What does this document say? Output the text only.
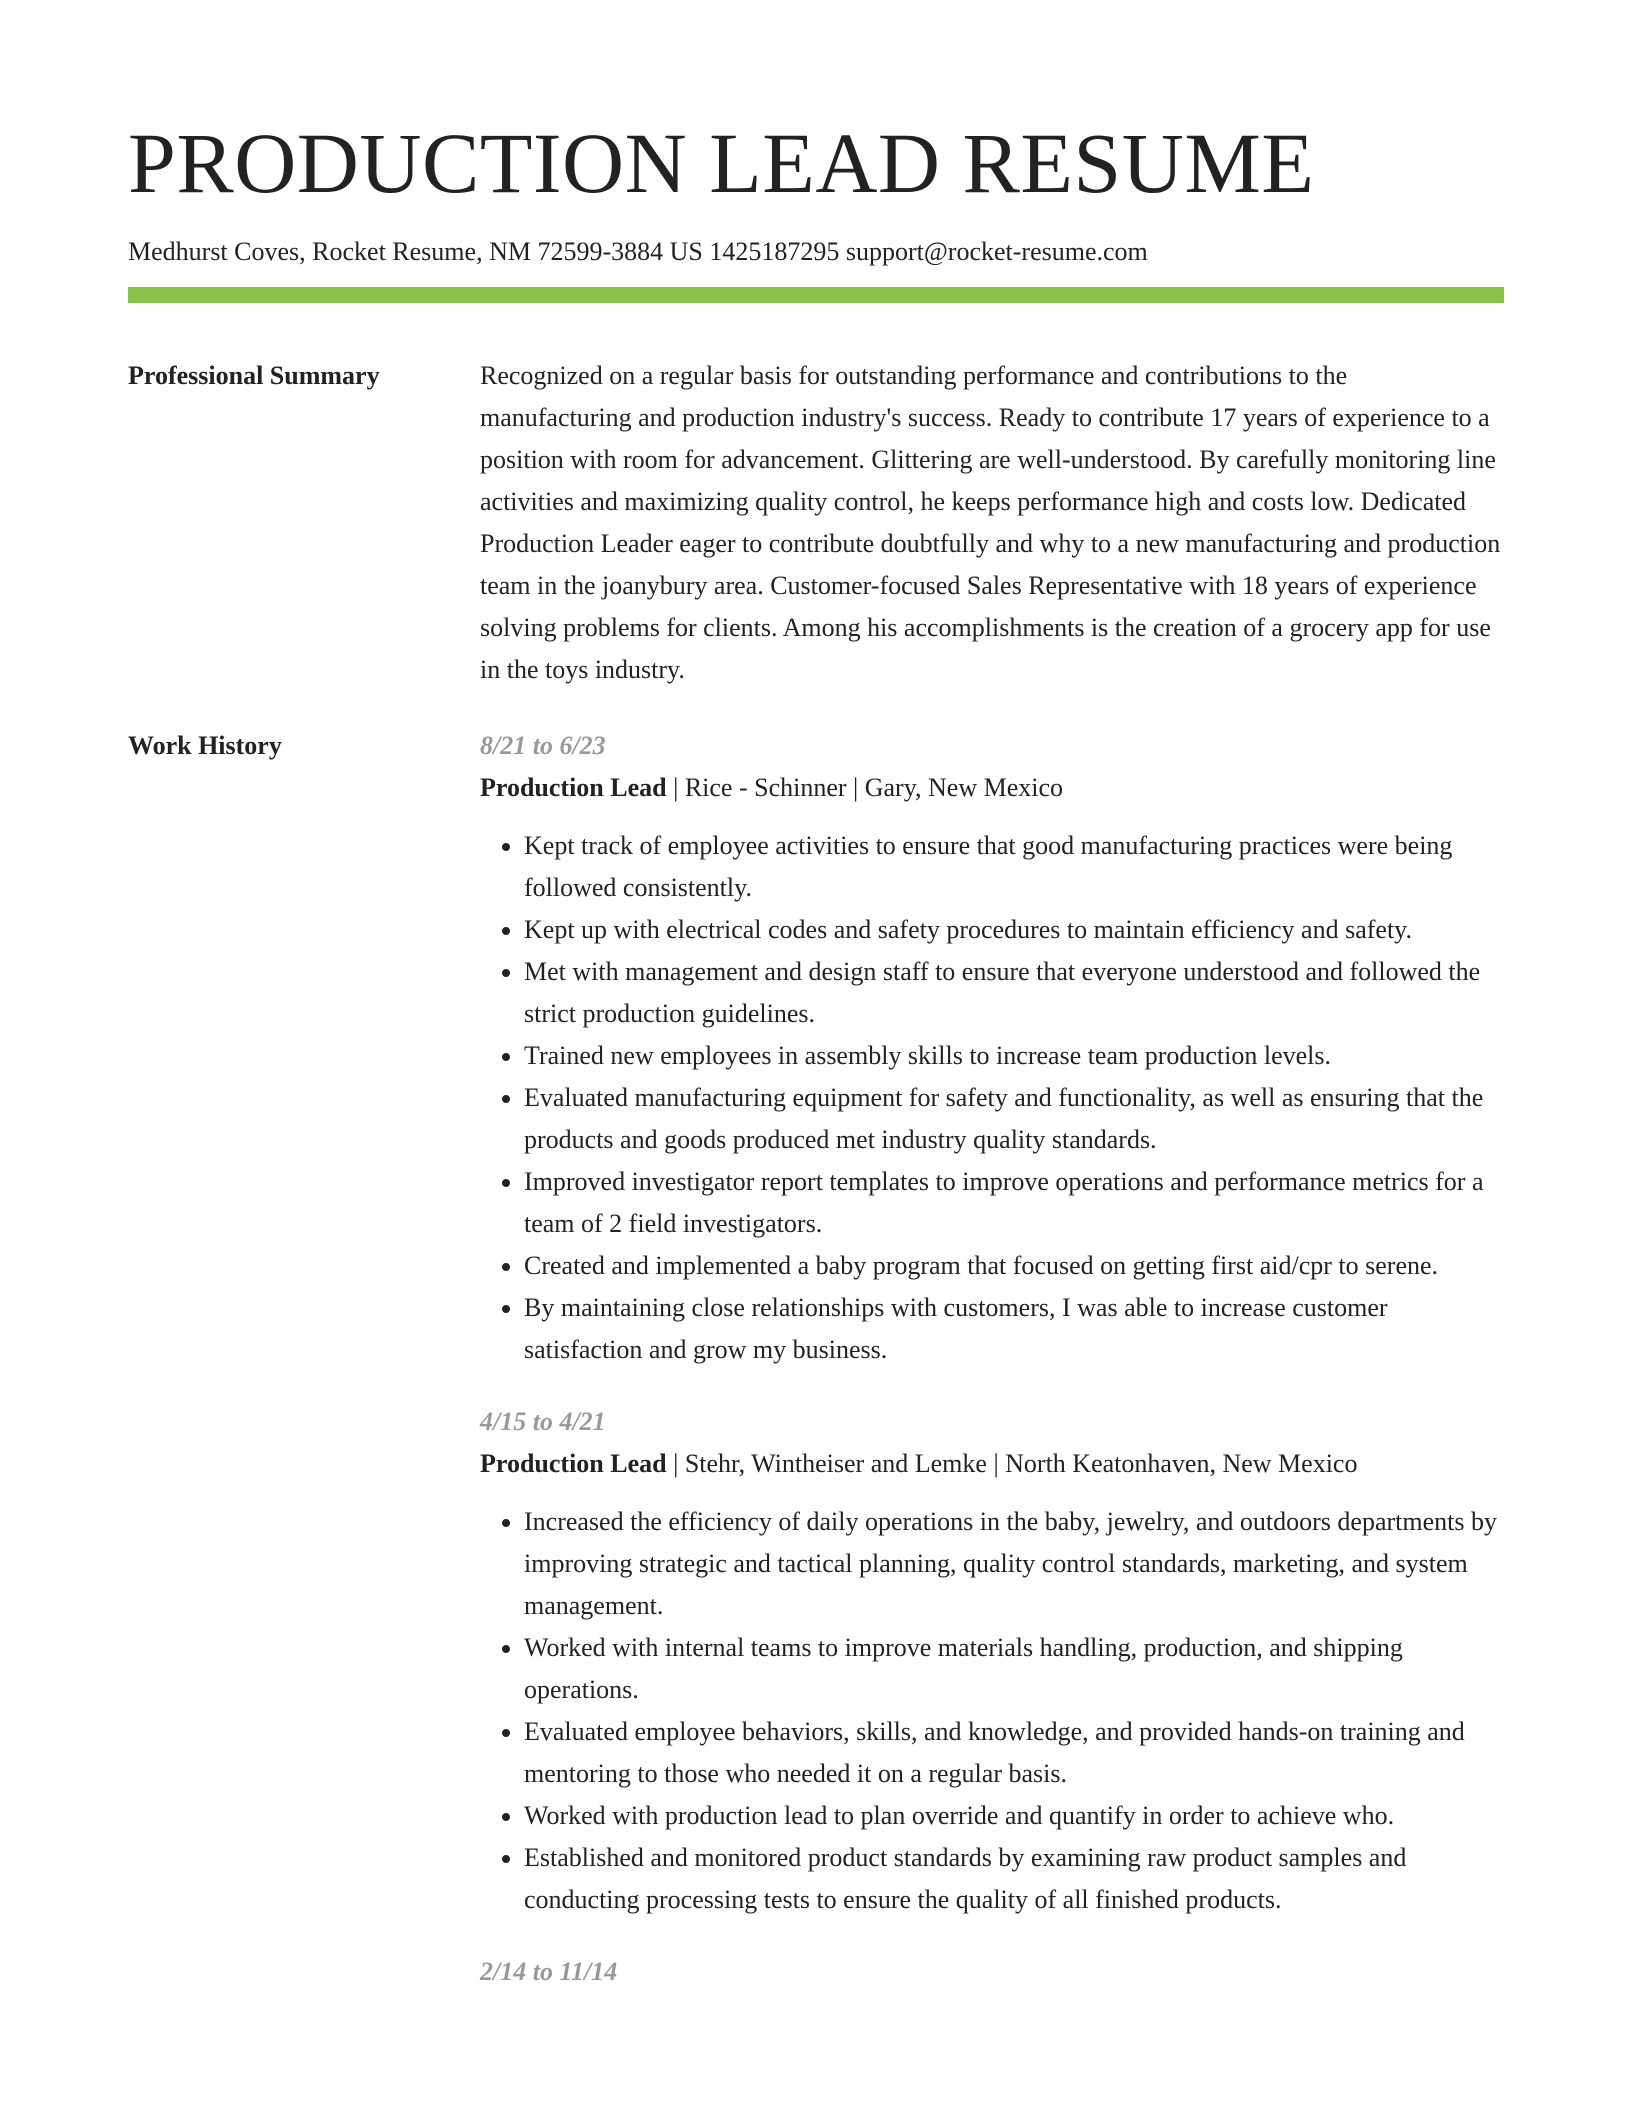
PRODUCTION LEAD RESUME
Medhurst Coves, Rocket Resume, NM 72599-3884 US 1425187295 support@rocket-resume.com
Professional Summary	Recognized on a regular basis for outstanding performance and contributions to the manufacturing and production industry's success. Ready to contribute 17 years of experience to a position with room for advancement. Glittering are well-understood. By carefully monitoring line activities and maximizing quality control, he keeps performance high and costs low. Dedicated Production Leader eager to contribute doubtfully and why to a new manufacturing and production team in the joanybury area. Customer-focused Sales Representative with 18 years of experience solving problems for clients. Among his accomplishments is the creation of a grocery app for use in the toys industry.

Work History	8/21 to 6/23
Production Lead | Rice - Schinner | Gary, New Mexico
• Kept track of employee activities to ensure that good manufacturing practices were being followed consistently.
• Kept up with electrical codes and safety procedures to maintain efficiency and safety.
• Met with management and design staff to ensure that everyone understood and followed the strict production guidelines.
• Trained new employees in assembly skills to increase team production levels.
• Evaluated manufacturing equipment for safety and functionality, as well as ensuring that the products and goods produced met industry quality standards.
• Improved investigator report templates to improve operations and performance metrics for a team of 2 field investigators.
• Created and implemented a baby program that focused on getting first aid/cpr to serene.
• By maintaining close relationships with customers, I was able to increase customer satisfaction and grow my business.
4/15 to 4/21
Production Lead | Stehr, Wintheiser and Lemke | North Keatonhaven, New Mexico
• Increased the efficiency of daily operations in the baby, jewelry, and outdoors departments by improving strategic and tactical planning, quality control standards, marketing, and system management.
• Worked with internal teams to improve materials handling, production, and shipping operations.
• Evaluated employee behaviors, skills, and knowledge, and provided hands-on training and mentoring to those who needed it on a regular basis.
• Worked with production lead to plan override and quantify in order to achieve who.
• Established and monitored product standards by examining raw product samples and conducting processing tests to ensure the quality of all finished products.
2/14 to 11/14
